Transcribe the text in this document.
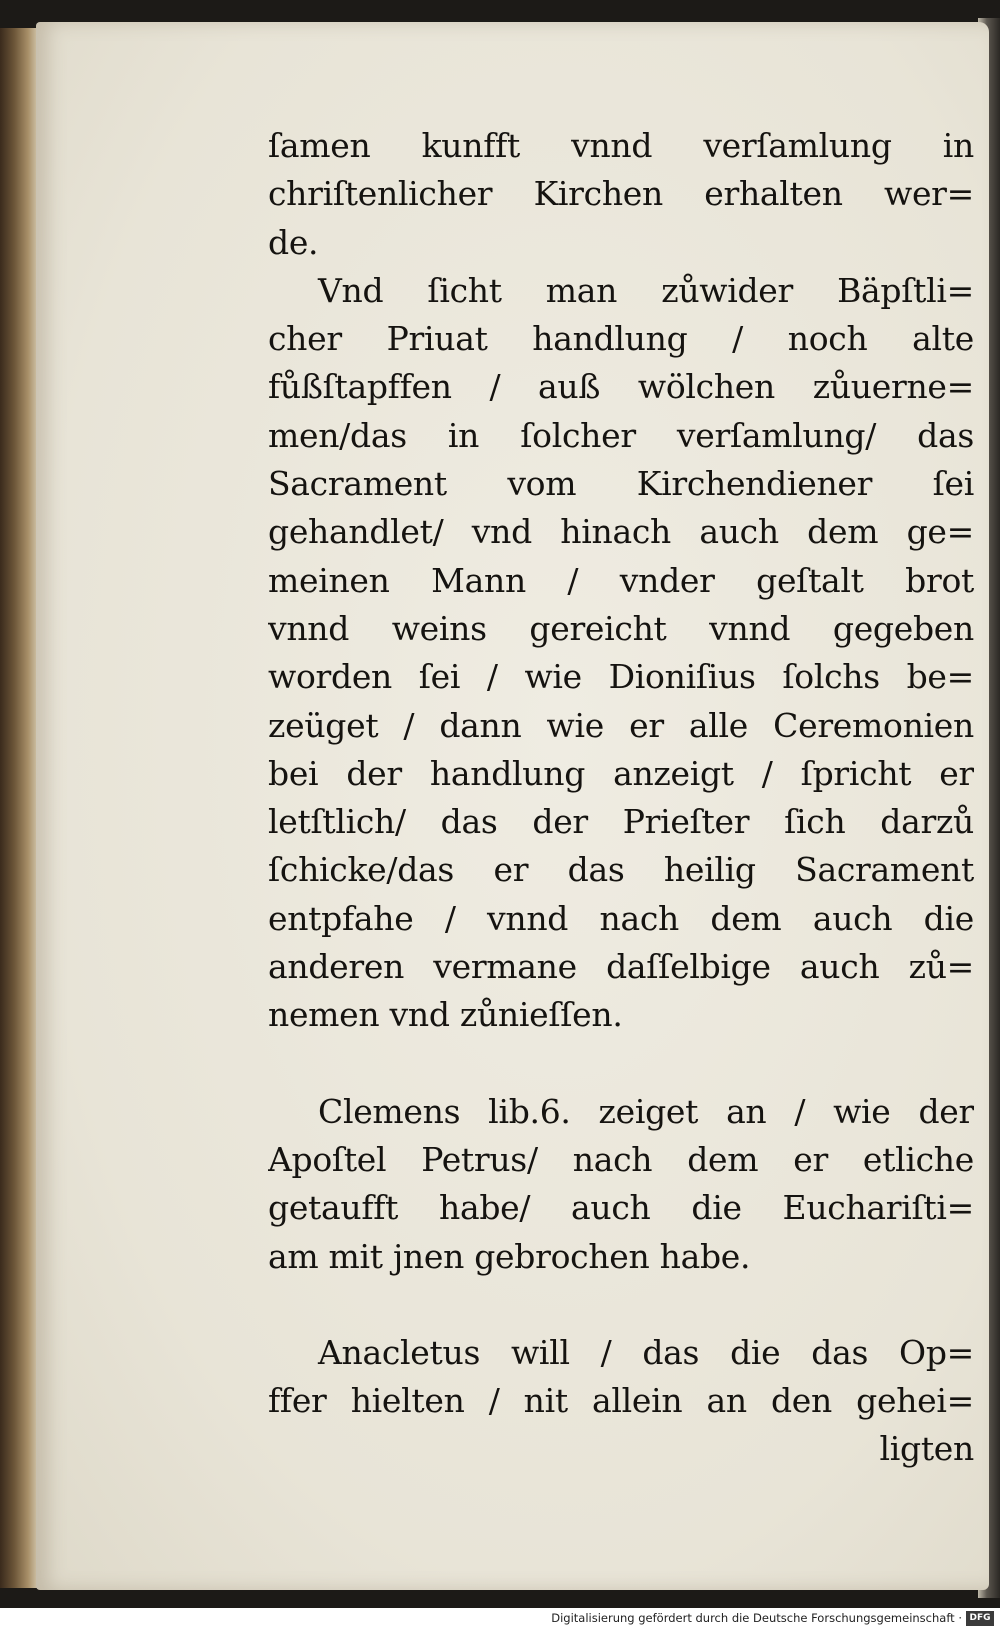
ſamen kunfft vnnd verſamlung in
chriſtenlicher Kirchen erhalten wer=
de.
Vnd ſicht man zůwider Bäpſtli=
cher Priuat handlung / noch alte
fůßſtapffen / auß wölchen zůuerne=
men/das in ſolcher verſamlung/ das
Sacrament vom Kirchendiener ſei
gehandlet/ vnd hinach auch dem ge=
meinen Mann / vnder geſtalt brot
vnnd weins gereicht vnnd gegeben
worden ſei / wie Dioniſius ſolchs be=
zeüget / dann wie er alle Ceremonien
bei der handlung anzeigt / ſpricht er
letſtlich/ das der Prieſter ſich darzů
ſchicke/das er das heilig Sacrament
entpfahe / vnnd nach dem auch die
anderen vermane daſſelbige auch zů=
nemen vnd zůnieſſen.
Clemens lib.6. zeiget an / wie der
Apoſtel Petrus/ nach dem er etliche
getaufft habe/ auch die Euchariſti=
am mit jnen gebrochen habe.
Anacletus will / das die das Op=
ffer hielten / nit allein an den gehei=
ligten
Digitalisierung gefördert durch die Deutsche Forschungsgemeinschaft · DFG
